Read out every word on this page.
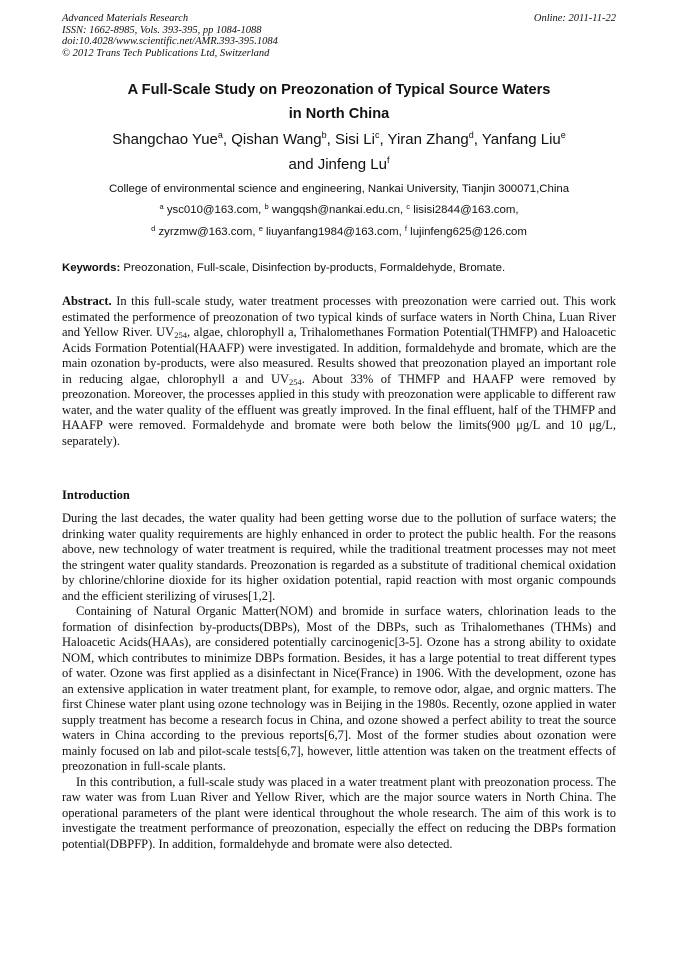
Advanced Materials Research
ISSN: 1662-8985, Vols. 393-395, pp 1084-1088
doi:10.4028/www.scientific.net/AMR.393-395.1084
© 2012 Trans Tech Publications Ltd, Switzerland
Online: 2011-11-22
A Full-Scale Study on Preozonation of Typical Source Waters
in North China
Shangchao Yue$^a$, Qishan Wang$^b$, Sisi Li$^c$, Yiran Zhang$^d$, Yanfang Liu$^e$
and Jinfeng Lu$^f$
College of environmental science and engineering, Nankai University, Tianjin 300071,China
$^a$ ysc010@163.com, $^b$ wangqsh@nankai.edu.cn, $^c$ lisisi2844@163.com,
$^d$ zyrzmw@163.com, $^e$ liuyanfang1984@163.com, $^f$ lujinfeng625@126.com
Keywords: Preozonation, Full-scale, Disinfection by-products, Formaldehyde, Bromate.

Abstract. In this full-scale study, water treatment processes with preozonation were carried out. This work estimated the performence of preozonation of two typical kinds of surface waters in North China, Luan River and Yellow River. $UV_{254}$, algae, chlorophyll a, Trihalomethanes Formation Potential(THMFP) and Haloacetic Acids Formation Potential(HAAFP) were investigated. In addition, formaldehyde and bromate, which are the main ozonation by-products, were also measured. Results showed that preozonation played an important role in reducing algae, chlorophyll a and $UV_{254}$. About 33% of THMFP and HAAFP were removed by preozonation. Moreover, the processes applied in this study with preozonation were applicable to different raw water, and the water quality of the effluent was greatly improved. In the final effluent, half of the THMFP and HAAFP were removed. Formaldehyde and bromate were both below the limits(900 μg/L and 10 μg/L, separately).

Introduction

During the last decades, the water quality had been getting worse due to the pollution of surface waters; the drinking water quality requirements are highly enhanced in order to protect the public health. For the reasons above, new technology of water treatment is required, while the traditional treatment processes may not meet the stringent water quality standards. Preozonation is regarded as a substitute of traditional chemical oxidation by chlorine/chlorine dioxide for its higher oxidation potential, rapid reaction with most organic compounds and the efficient sterilizing of viruses[1,2].

Containing of Natural Organic Matter(NOM) and bromide in surface waters, chlorination leads to the formation of disinfection by-products(DBPs), Most of the DBPs, such as Trihalomethanes (THMs) and Haloacetic Acids(HAAs), are considered potentially carcinogenic[3-5]. Ozone has a strong ability to oxidate NOM, which contributes to minimize DBPs formation. Besides, it has a large potential to treat different types of water. Ozone was first applied as a disinfectant in Nice(France) in 1906. With the development, ozone has an extensive application in water treatment plant, for example, to remove odor, algae, and orgnic matters. The first Chinese water plant using ozone technology was in Beijing in the 1980s. Recently, ozone applied in water supply treatment has become a research focus in China, and ozone showed a perfect ability to treat the source waters in China according to the previous reports[6,7]. Most of the former studies about ozonation were mainly focused on lab and pilot-scale tests[6,7], however, little attention was taken on the treatment effects of preozonation in full-scale plants.

In this contribution, a full-scale study was placed in a water treatment plant with preozonation process. The raw water was from Luan River and Yellow River, which are the major source waters in North China. The operational parameters of the plant were identical throughout the whole research. The aim of this work is to investigate the treatment performance of preozonation, especially the effect on reducing the DBPs formation potential(DBPFP). In addition, formaldehyde and bromate were also detected.
